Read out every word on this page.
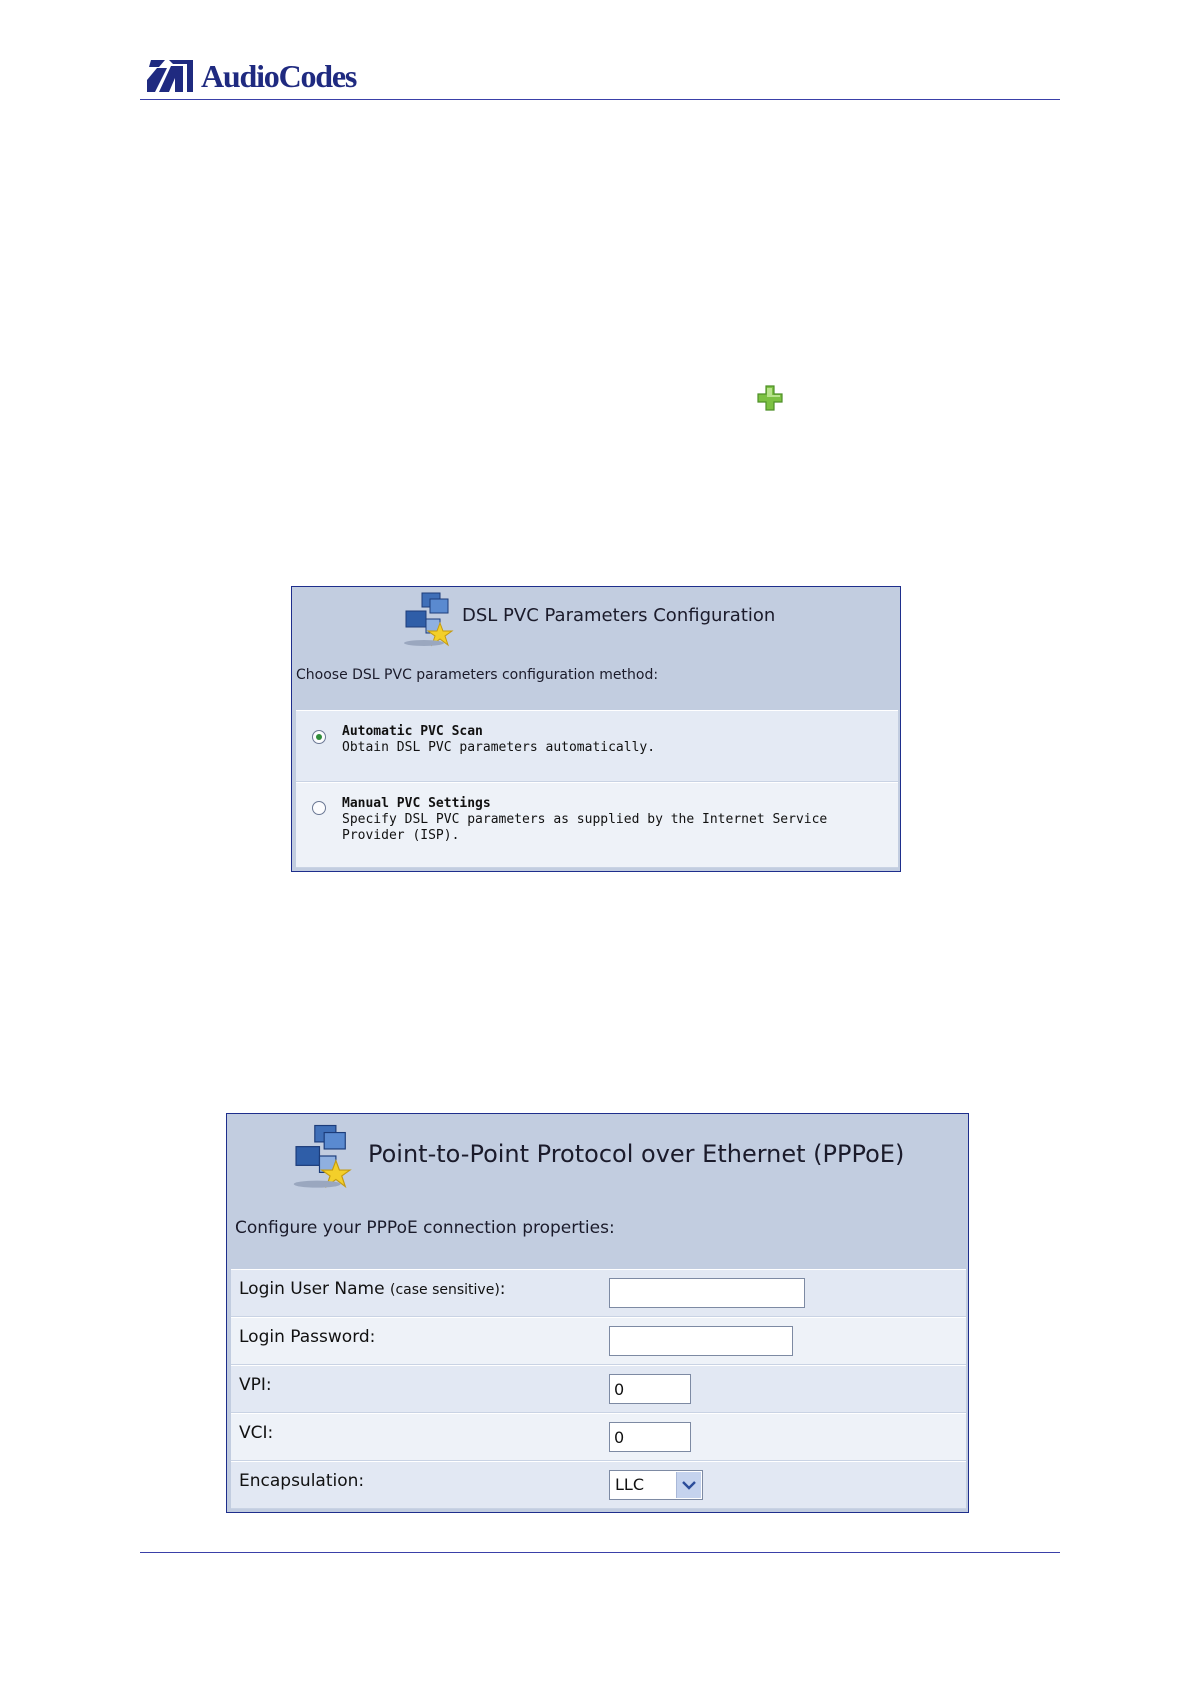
AudioCodes
DSL PVC Parameters Configuration
Choose DSL PVC parameters configuration method:
Automatic PVC Scan
Obtain DSL PVC parameters automatically.
Manual PVC Settings
Specify DSL PVC parameters as supplied by the Internet Service Provider (ISP).
Point-to-Point Protocol over Ethernet (PPPoE)
Configure your PPPoE connection properties:
Login User Name (case sensitive):
Login Password:
VPI:
0
VCI:
0
Encapsulation:	LLC
